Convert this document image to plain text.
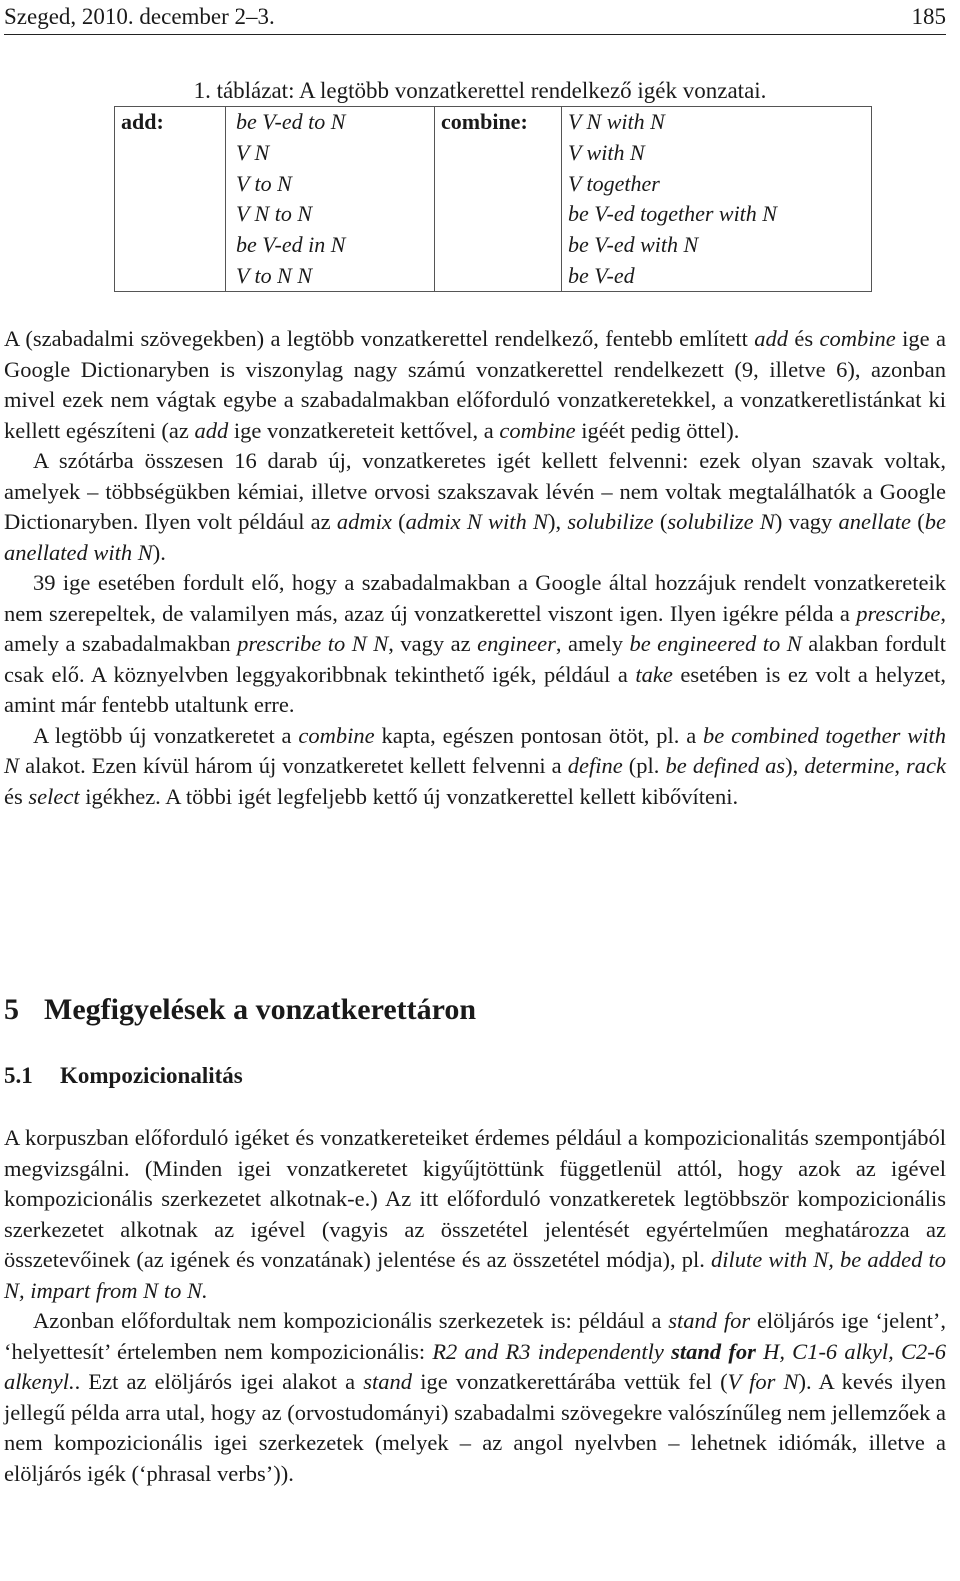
Szeged, 2010. december 2–3.	185
1. táblázat: A legtöbb vonzatkerettel rendelkező igék vonzatai.
add:	be V-ed to N	combine:	V N with N
	V N		V with N
	V to N		V together
	V N to N		be V-ed together with N
	be V-ed in N		be V-ed with N
	V to N N		be V-ed

A (szabadalmi szövegekben) a legtöbb vonzatkerettel rendelkező, fentebb említett add és combine ige a Google Dictionaryben is viszonylag nagy számú vonzatkerettel rendelkezett (9, illetve 6), azonban mivel ezek nem vágtak egybe a szabadalmakban előforduló vonzatkeretekkel, a vonzatkeretlistánkat ki kellett egészíteni (az add ige vonzatkereteit kettővel, a combine igéét pedig öttel).

A szótárba összesen 16 darab új, vonzatkeretes igét kellett felvenni: ezek olyan szavak voltak, amelyek – többségükben kémiai, illetve orvosi szakszavak lévén – nem voltak megtalálhatók a Google Dictionaryben. Ilyen volt például az admix (admix N with N), solubilize (solubilize N) vagy anellate (be anellated with N).

39 ige esetében fordult elő, hogy a szabadalmakban a Google által hozzájuk rendelt vonzatkereteik nem szerepeltek, de valamilyen más, azaz új vonzatkerettel viszont igen. Ilyen igékre példa a prescribe, amely a szabadalmakban prescribe to N N, vagy az engineer, amely be engineered to N alakban fordult csak elő. A köznyelvben leggyakoribbnak tekinthető igék, például a take esetében is ez volt a helyzet, amint már fentebb utaltunk erre.

A legtöbb új vonzatkeretet a combine kapta, egészen pontosan ötöt, pl. a be combined together with N alakot. Ezen kívül három új vonzatkeretet kellett felvenni a define (pl. be defined as), determine, rack és select igékhez. A többi igét legfeljebb kettő új vonzatkerettel kellett kibővíteni.

5 Megfigyelések a vonzatkerettáron
5.1 Kompozicionalitás

A korpuszban előforduló igéket és vonzatkereteiket érdemes például a kompozicionalitás szempontjából megvizsgálni. (Minden igei vonzatkeretet kigyűjtöttünk függetlenül attól, hogy azok az igével kompozicionális szerkezetet alkotnak-e.) Az itt előforduló vonzatkeretek legtöbbször kompozicionális szerkezetet alkotnak az igével (vagyis az összetétel jelentését egyértelműen meghatározza az összetevőinek (az igének és vonzatának) jelentése és az összetétel módja), pl. dilute with N, be added to N, impart from N to N.

Azonban előfordultak nem kompozicionális szerkezetek is: például a stand for elöljárós ige ‘jelent’, ‘helyettesít’ értelemben nem kompozicionális: R2 and R3 independently stand for H, C1-6 alkyl, C2-6 alkenyl.. Ezt az elöljárós igei alakot a stand ige vonzatkerettárába vettük fel (V for N). A kevés ilyen jellegű példa arra utal, hogy az (orvostudományi) szabadalmi szövegekre valószínűleg nem jellemzőek a nem kompozicionális igei szerkezetek (melyek – az angol nyelvben – lehetnek idiómák, illetve a elöljárós igék (‘phrasal verbs’)).
